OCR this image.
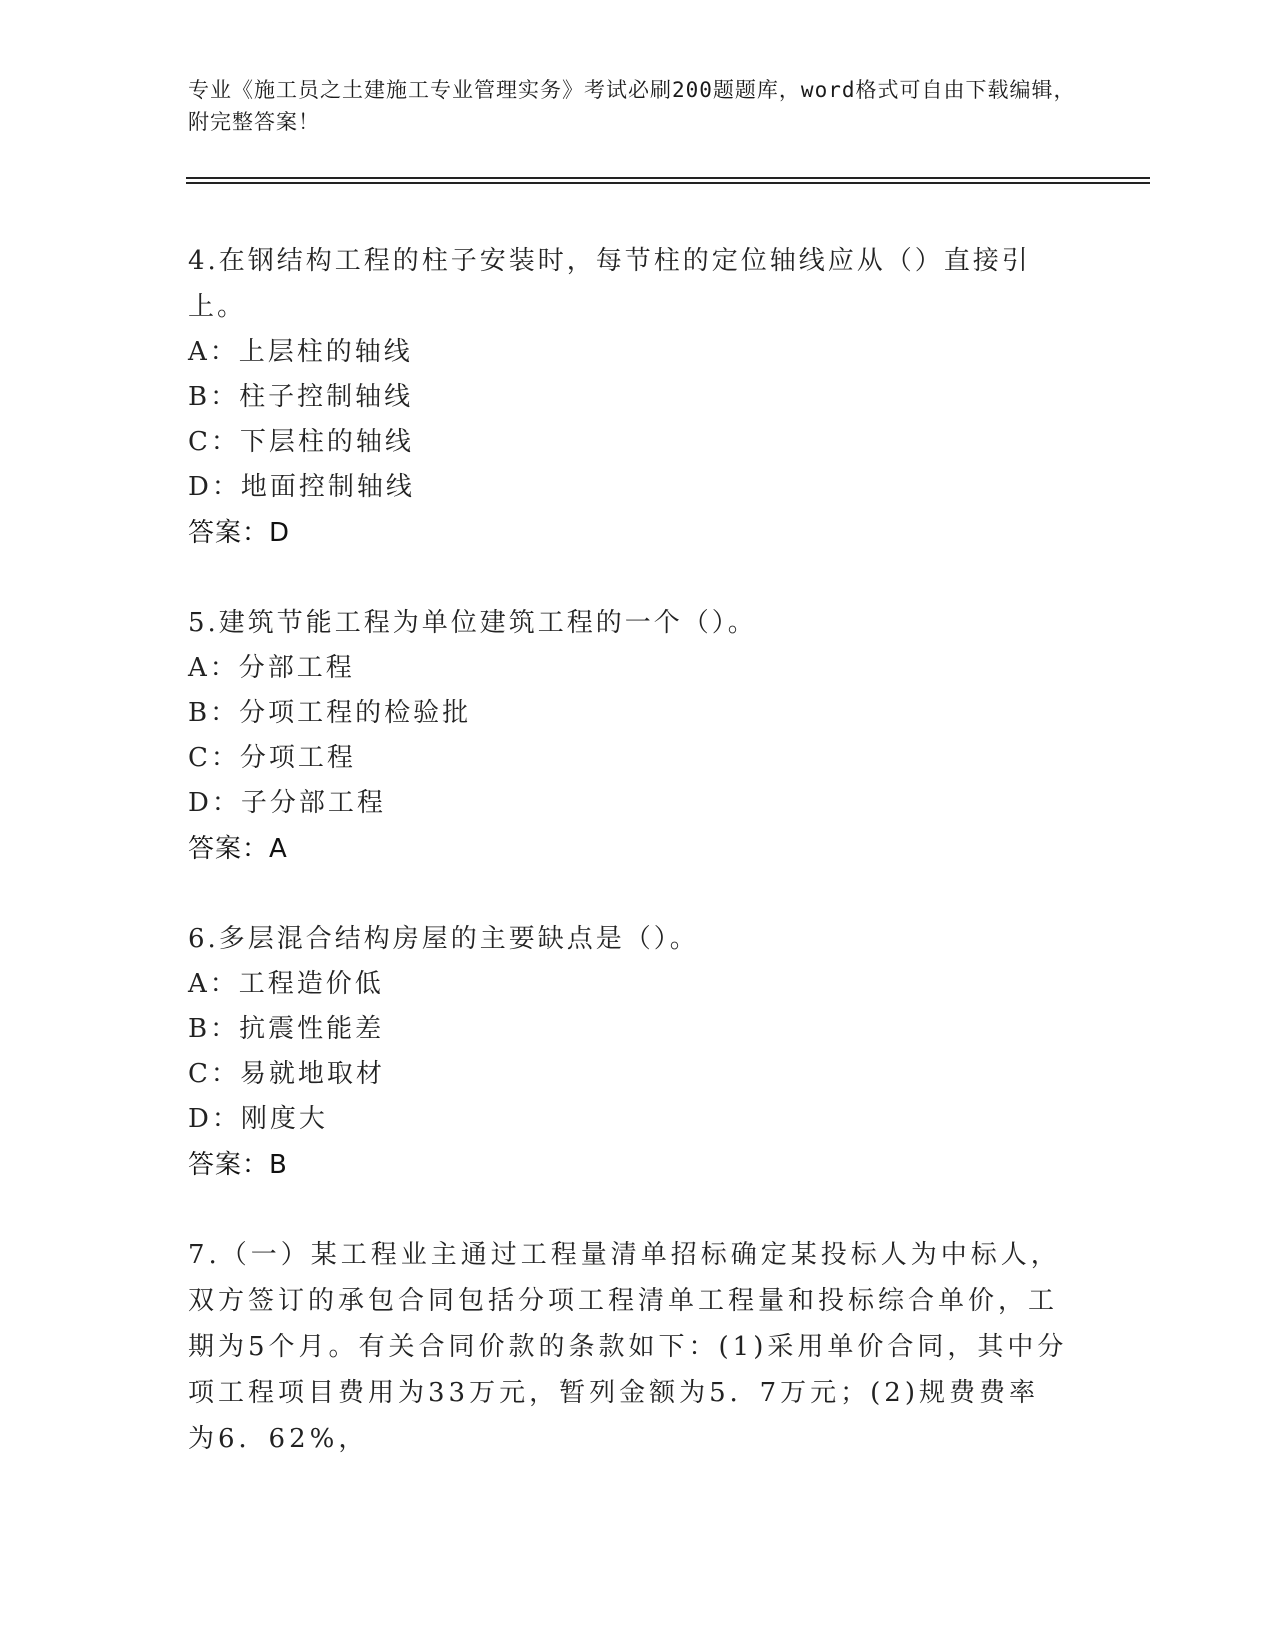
专业《施工员之土建施工专业管理实务》考试必刷200题题库，word格式可自由下载编辑，附完整答案！
4.在钢结构工程的柱子安装时，每节柱的定位轴线应从（）直接引上。
A：上层柱的轴线
B：柱子控制轴线
C：下层柱的轴线
D：地面控制轴线
答案：D
5.建筑节能工程为单位建筑工程的一个（）。
A：分部工程
B：分项工程的检验批
C：分项工程
D：子分部工程
答案：A
6.多层混合结构房屋的主要缺点是（）。
A：工程造价低
B：抗震性能差
C：易就地取材
D：刚度大
答案：B
7.（一）某工程业主通过工程量清单招标确定某投标人为中标人，双方签订的承包合同包括分项工程清单工程量和投标综合单价，工期为5个月。有关合同价款的条款如下：(1)采用单价合同，其中分项工程项目费用为33万元，暂列金额为5．7万元；(2)规费费率为6．62%，
